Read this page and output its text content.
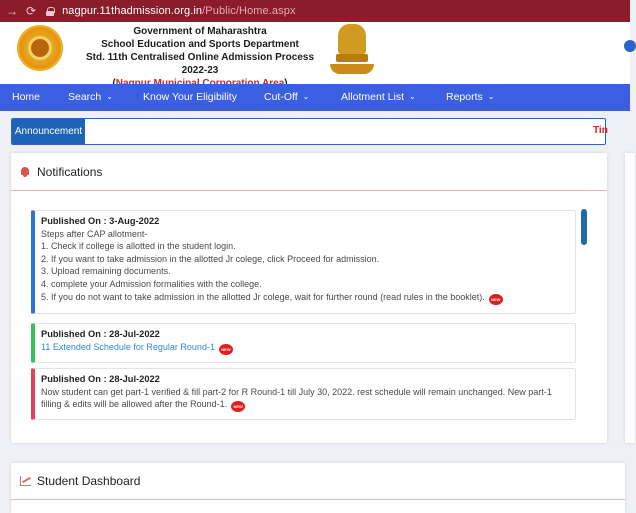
→ ⟳ nagpur.11thadmission.org.in/Public/Home.aspx
Government of Maharashtra
School Education and Sports Department
Std. 11th Centralised Online Admission Process 2022-23
Home	Search ⌄	Know Your Eligibility	Cut-Off ⌄	Allotment List ⌄	Reports ⌄
Announcement	Tin
Notifications
Published On : 3-Aug-2022
Steps after CAP allotment-
1. Check if college is allotted in the student login.
2. If you want to take admission in the allotted Jr colege, click Proceed for admission.
3. Upload remaining documents.
4. complete your Admission formalities with the college.
5. If you do not want to take admission in the allotted Jr colege, wait for further round (read rules in the booklet). NEW
Published On : 28-Jul-2022
11 Extended Schedule for Regular Round-1 NEW
Published On : 28-Jul-2022
Now student can get part-1 verified & fill part-2 for R Round-1 till July 30, 2022. rest schedule will remain unchanged. New part-1 filling & edits will be allowed after the Round-1. NEW
Student Dashboard
